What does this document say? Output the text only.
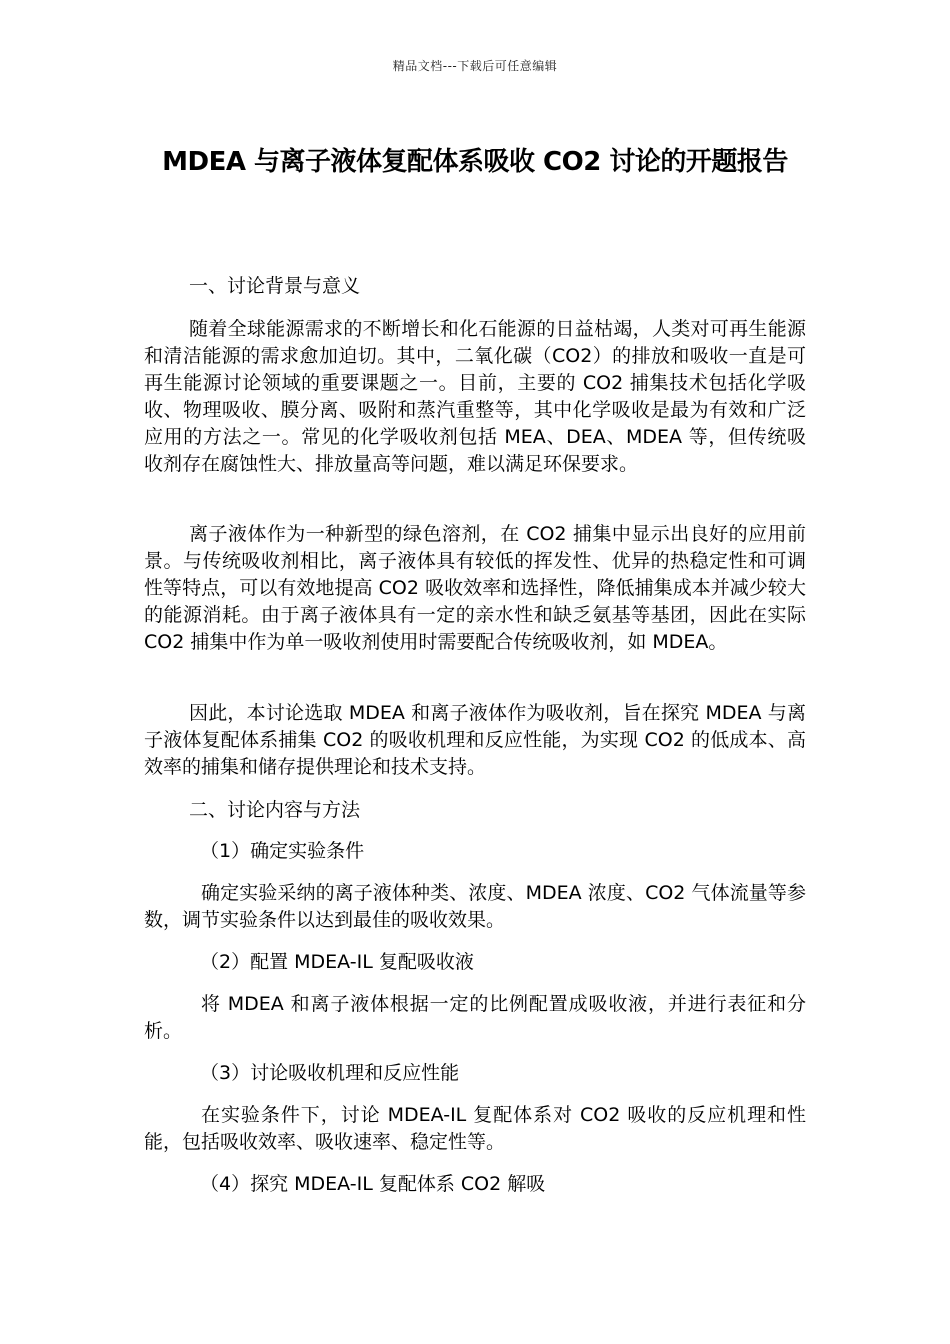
精品文档---下载后可任意编辑
MDEA 与离子液体复配体系吸收 CO2 讨论的开题报告

一、讨论背景与意义

随着全球能源需求的不断增长和化石能源的日益枯竭，人类对可再生能源和清洁能源的需求愈加迫切。其中，二氧化碳（CO2）的排放和吸收一直是可再生能源讨论领域的重要课题之一。目前，主要的 CO2 捕集技术包括化学吸收、物理吸收、膜分离、吸附和蒸汽重整等，其中化学吸收是最为有效和广泛应用的方法之一。常见的化学吸收剂包括 MEA、DEA、MDEA 等，但传统吸收剂存在腐蚀性大、排放量高等问题，难以满足环保要求。

离子液体作为一种新型的绿色溶剂，在 CO2 捕集中显示出良好的应用前景。与传统吸收剂相比，离子液体具有较低的挥发性、优异的热稳定性和可调性等特点，可以有效地提高 CO2 吸收效率和选择性，降低捕集成本并减少较大的能源消耗。由于离子液体具有一定的亲水性和缺乏氨基等基团，因此在实际 CO2 捕集中作为单一吸收剂使用时需要配合传统吸收剂，如 MDEA。

因此，本讨论选取 MDEA 和离子液体作为吸收剂，旨在探究 MDEA 与离子液体复配体系捕集 CO2 的吸收机理和反应性能，为实现 CO2 的低成本、高效率的捕集和储存提供理论和技术支持。

二、讨论内容与方法

（1）确定实验条件

确定实验采纳的离子液体种类、浓度、MDEA 浓度、CO2 气体流量等参数，调节实验条件以达到最佳的吸收效果。

（2）配置 MDEA-IL 复配吸收液

将 MDEA 和离子液体根据一定的比例配置成吸收液，并进行表征和分析。

（3）讨论吸收机理和反应性能

在实验条件下，讨论 MDEA-IL 复配体系对 CO2 吸收的反应机理和性能，包括吸收效率、吸收速率、稳定性等。

（4）探究 MDEA-IL 复配体系 CO2 解吸
